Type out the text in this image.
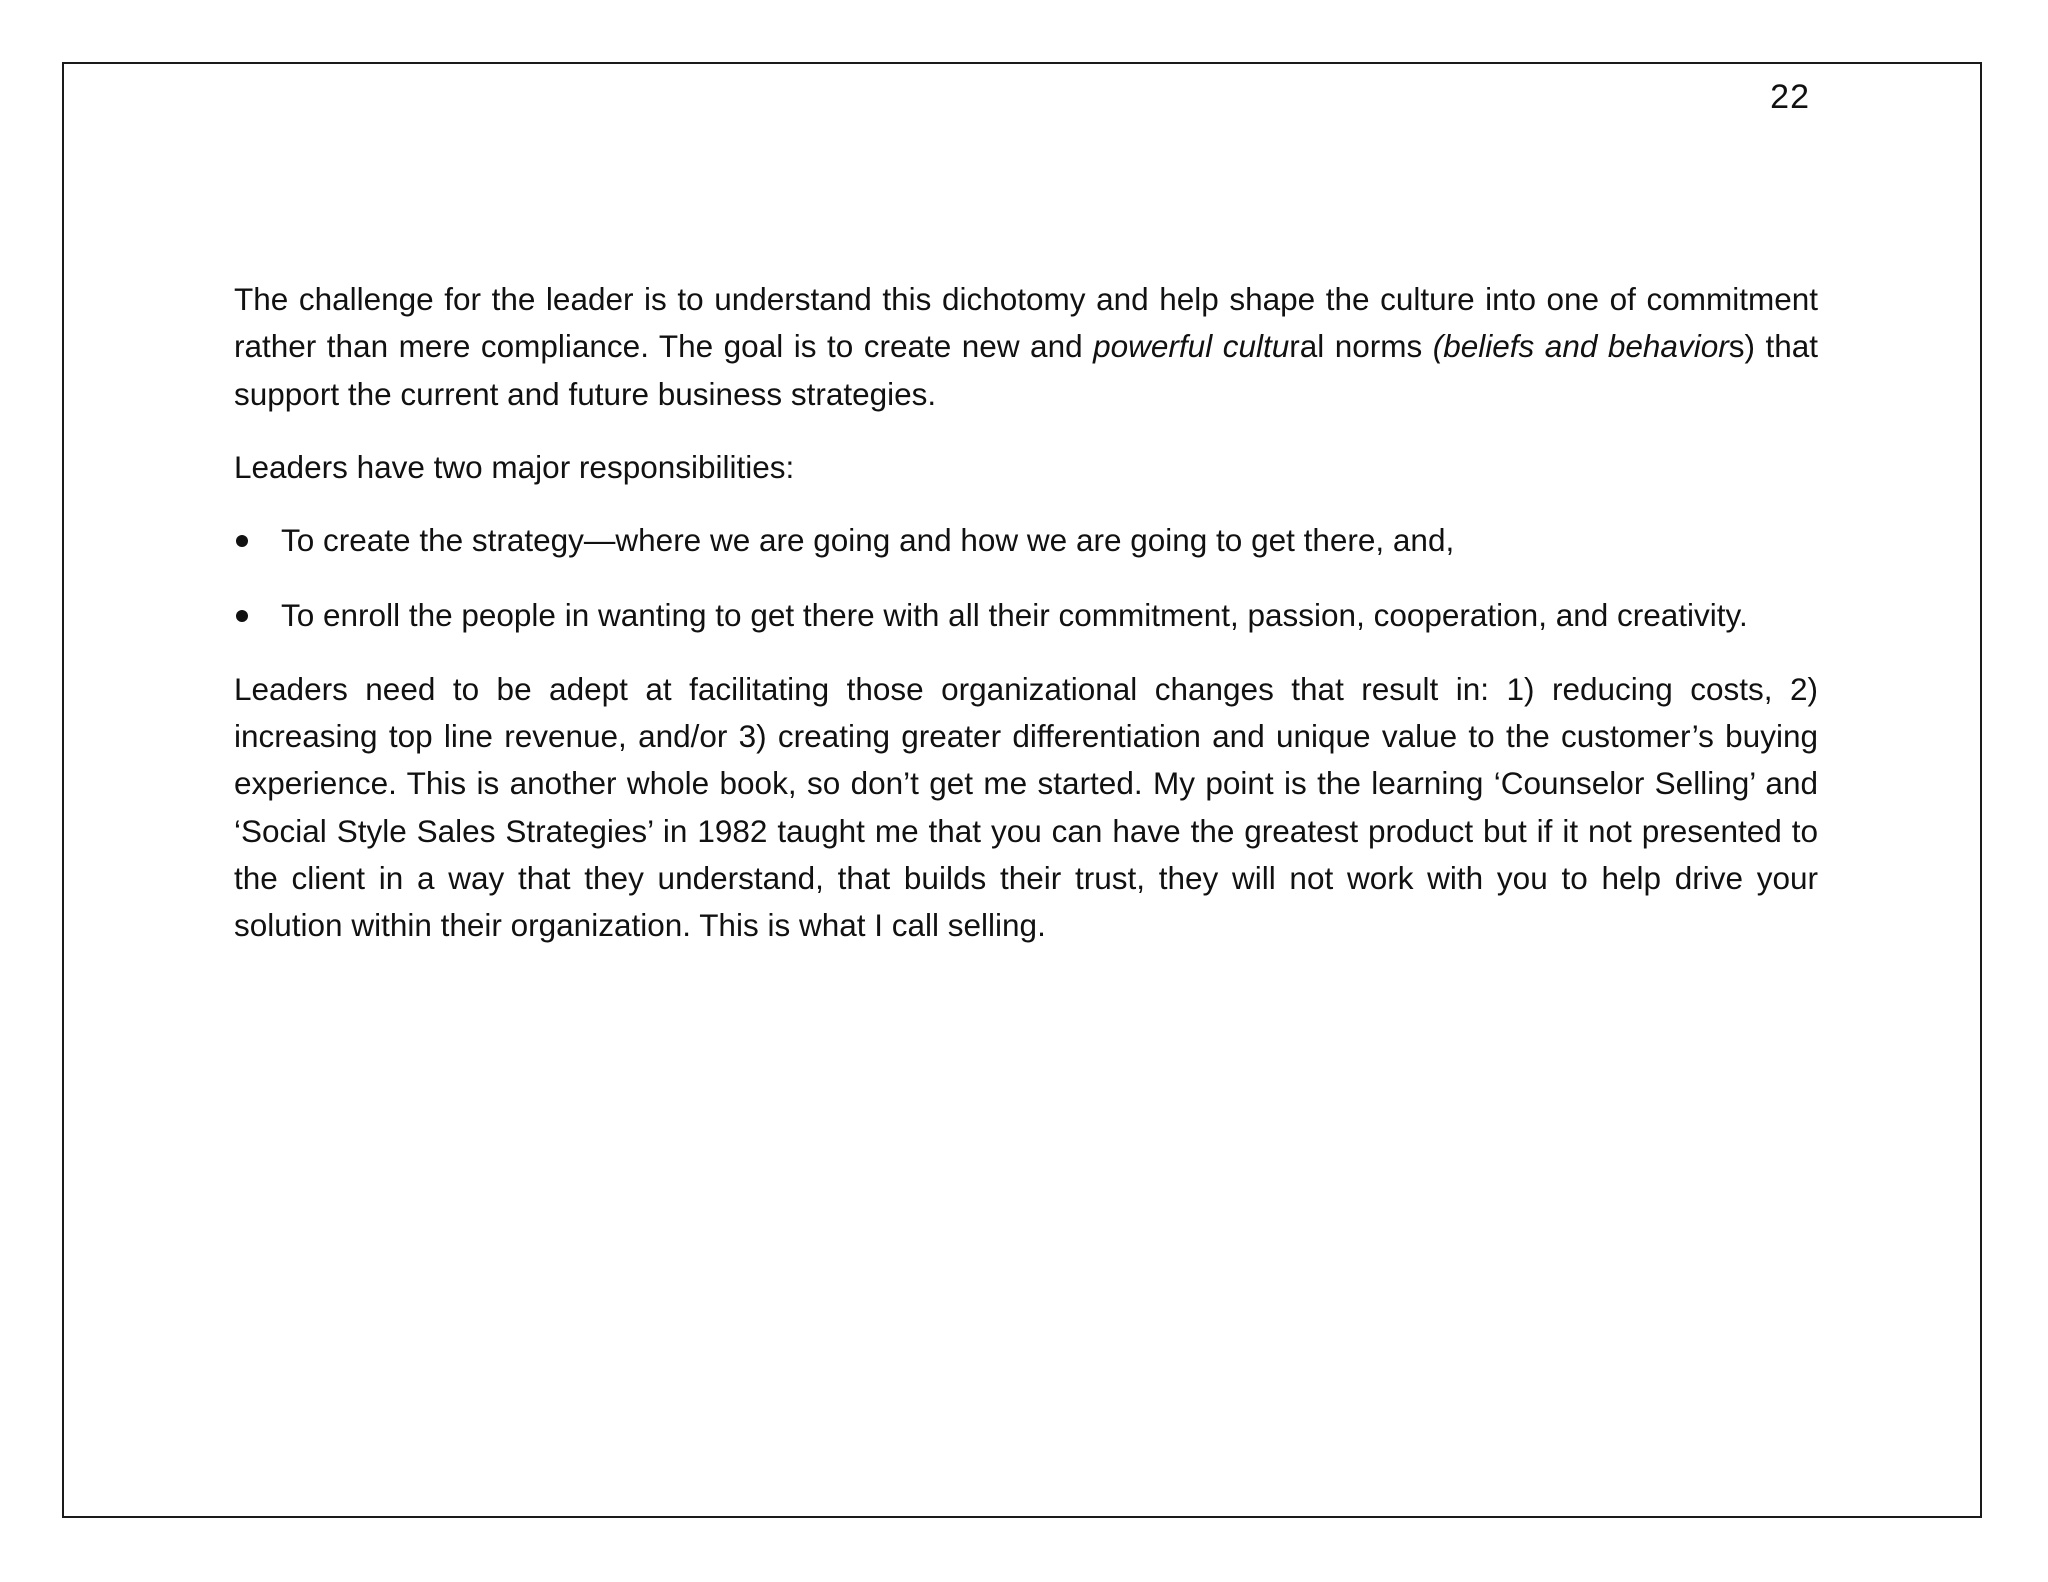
22

The challenge for the leader is to understand this dichotomy and help shape the culture into one of commitment rather than mere compliance. The goal is to create new and powerful cultural norms (beliefs and behaviors) that support the current and future business strategies.

Leaders have two major responsibilities:

To create the strategy—where we are going and how we are going to get there, and,
To enroll the people in wanting to get there with all their commitment, passion, cooperation, and creativity.

Leaders need to be adept at facilitating those organizational changes that result in: 1) reducing costs, 2) increasing top line revenue, and/or 3) creating greater differentiation and unique value to the customer’s buying experience. This is another whole book, so don’t get me started. My point is the learning ‘Counselor Selling’ and ‘Social Style Sales Strategies’ in 1982 taught me that you can have the greatest product but if it not presented to the client in a way that they understand, that builds their trust, they will not work with you to help drive your solution within their organization. This is what I call selling.
